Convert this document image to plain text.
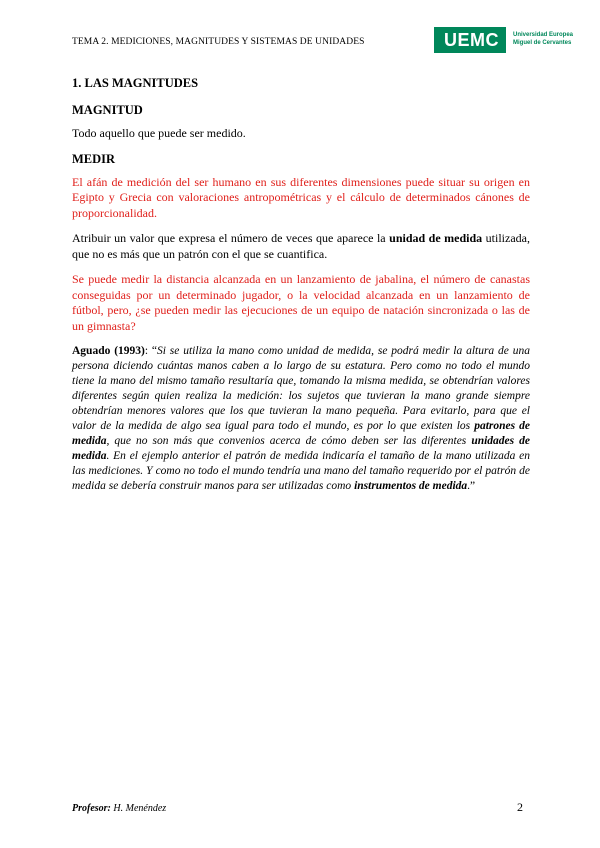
TEMA 2. MEDICIONES, MAGNITUDES Y SISTEMAS DE UNIDADES	UEMC Universidad Europea
Miguel de Cervantes
1. LAS MAGNITUDES
MAGNITUD

Todo aquello que puede ser medido.

MEDIR

El afán de medición del ser humano en sus diferentes dimensiones puede situar su origen en Egipto y Grecia con valoraciones antropométricas y el cálculo de determinados cánones de proporcionalidad.

Atribuir un valor que expresa el número de veces que aparece la unidad de medida utilizada, que no es más que un patrón con el que se cuantifica.

Se puede medir la distancia alcanzada en un lanzamiento de jabalina, el número de canastas conseguidas por un determinado jugador, o la velocidad alcanzada en un lanzamiento de fútbol, pero, ¿se pueden medir las ejecuciones de un equipo de natación sincronizada o las de un gimnasta?

Aguado (1993): “Si se utiliza la mano como unidad de medida, se podrá medir la altura de una persona diciendo cuántas manos caben a lo largo de su estatura. Pero como no todo el mundo tiene la mano del mismo tamaño resultaría que, tomando la misma medida, se obtendrían valores diferentes según quien realiza la medición: los sujetos que tuvieran la mano grande siempre obtendrían menores valores que los que tuvieran la mano pequeña. Para evitarlo, para que el valor de la medida de algo sea igual para todo el mundo, es por lo que existen los patrones de medida, que no son más que convenios acerca de cómo deben ser las diferentes unidades de medida. En el ejemplo anterior el patrón de medida indicaría el tamaño de la mano utilizada en las mediciones. Y como no todo el mundo tendría una mano del tamaño requerido por el patrón de medida se debería construir manos para ser utilizadas como instrumentos de medida.”

Profesor: H. Menéndez	2
